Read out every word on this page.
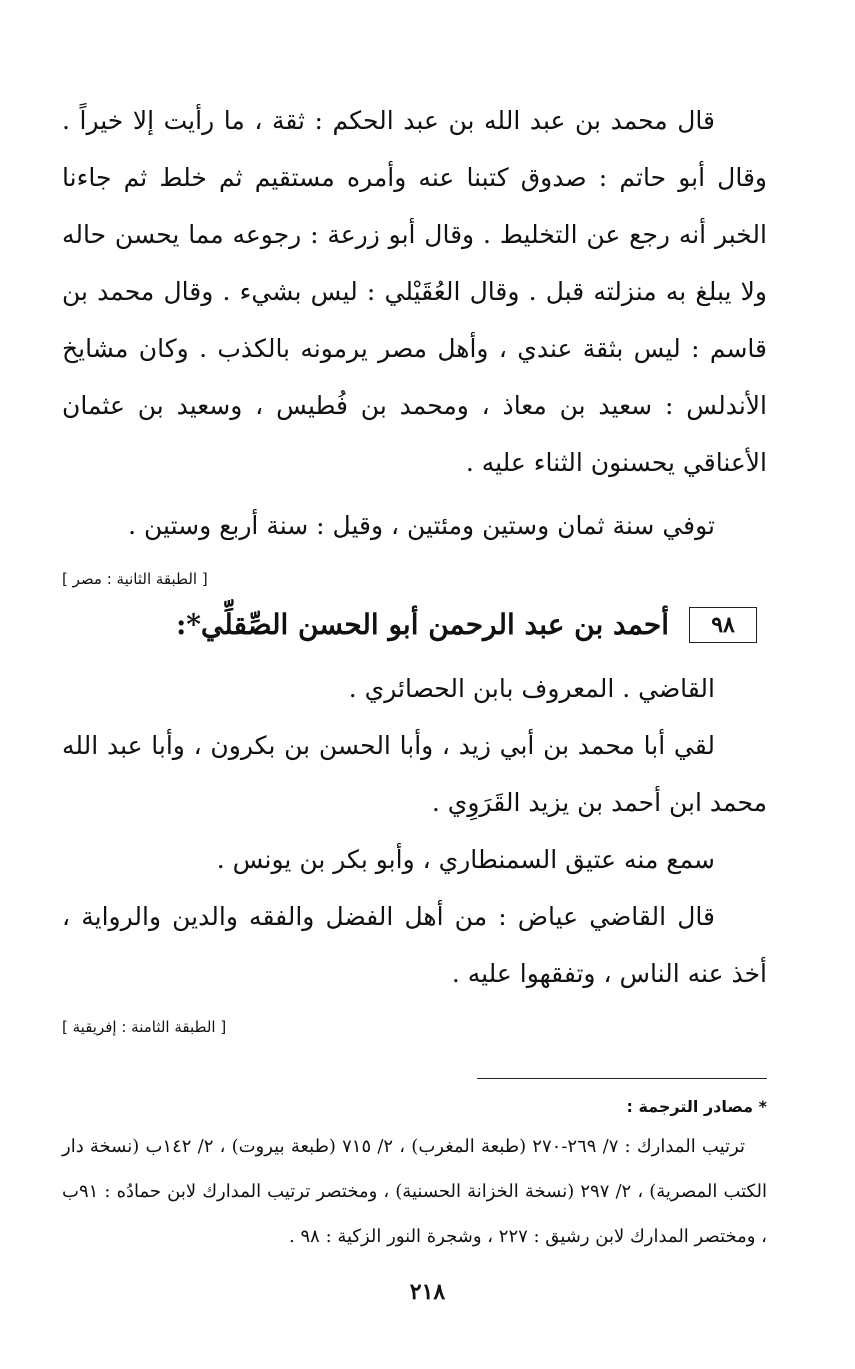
قال محمد بن عبد الله بن عبد الحكم : ثقة ، ما رأيت إلا خيراً . وقال أبو حاتم : صدوق كتبنا عنه وأمره مستقيم ثم خلط ثم جاءنا الخبر أنه رجع عن التخليط . وقال أبو زرعة : رجوعه مما يحسن حاله ولا يبلغ به منزلته قبل . وقال العُقَيْلي : ليس بشيء . وقال محمد بن قاسم : ليس بثقة عندي ، وأهل مصر يرمونه بالكذب . وكان مشايخ الأندلس : سعيد بن معاذ ، ومحمد بن فُطيس ، وسعيد بن عثمان الأعناقي يحسنون الثناء عليه .

توفي سنة ثمان وستين ومئتين ، وقيل : سنة أربع وستين .

[ الطبقة الثانية : مصر ]
٩٨
أحمد بن عبد الرحمن أبو الحسن الصِّقلِّي*:

القاضي . المعروف بابن الحصائري .

لقي أبا محمد بن أبي زيد ، وأبا الحسن بن بكرون ، وأبا عبد الله محمد ابن أحمد بن يزيد القَرَوِي .

سمع منه عتيق السمنطاري ، وأبو بكر بن يونس .

قال القاضي عياض : من أهل الفضل والفقه والدين والرواية ، أخذ عنه الناس ، وتفقهوا عليه .

[ الطبقة الثامنة : إفريقية ]

* مصادر الترجمة :

ترتيب المدارك : ٧/ ٢٦٩-٢٧٠ (طبعة المغرب) ، ٢/ ٧١٥ (طبعة بيروت) ، ٢/ ١٤٢ب (نسخة دار الكتب المصرية) ، ٢/ ٢٩٧ (نسخة الخزانة الحسنية) ، ومختصر ترتيب المدارك لابن حمادُه : ٩١ب ، ومختصر المدارك لابن رشيق : ٢٢٧ ، وشجرة النور الزكية : ٩٨ .

٢١٨
